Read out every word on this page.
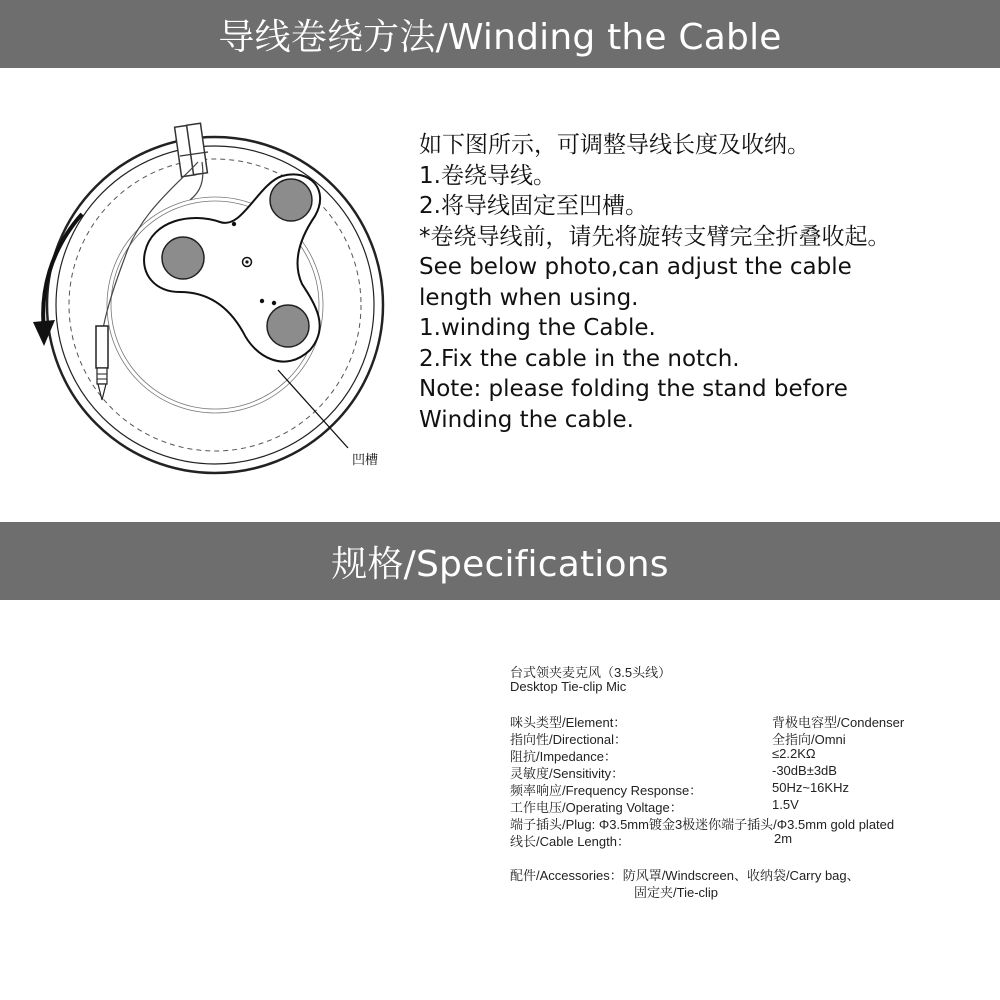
导线卷绕方法/Winding the Cable
凹槽
如下图所示，可调整导线长度及收纳。
1.卷绕导线。
2.将导线固定至凹槽。
*卷绕导线前，请先将旋转支臂完全折叠收起。
See below photo,can adjust the cable
length when using.
1.winding the Cable.
2.Fix the cable in the notch.
Note: please folding the stand before
Winding the cable.
规格/Specifications
台式领夹麦克风（3.5头线）
Desktop Tie-clip Mic
咪头类型/Element：	背极电容型/Condenser
指向性/Directional：	全指向/Omni
阻抗/Impedance：	≤2.2KΩ
灵敏度/Sensitivity：	-30dB±3dB
频率响应/Frequency Response：	50Hz~16KHz
工作电压/Operating Voltage：	1.5V
端子插头/Plug: Φ3.5mm镀金3极迷你端子插头/Φ3.5mm gold plated
线长/Cable Length：	2m
配件/Accessories：防风罩/Windscreen、收纳袋/Carry bag、
固定夹/Tie-clip
